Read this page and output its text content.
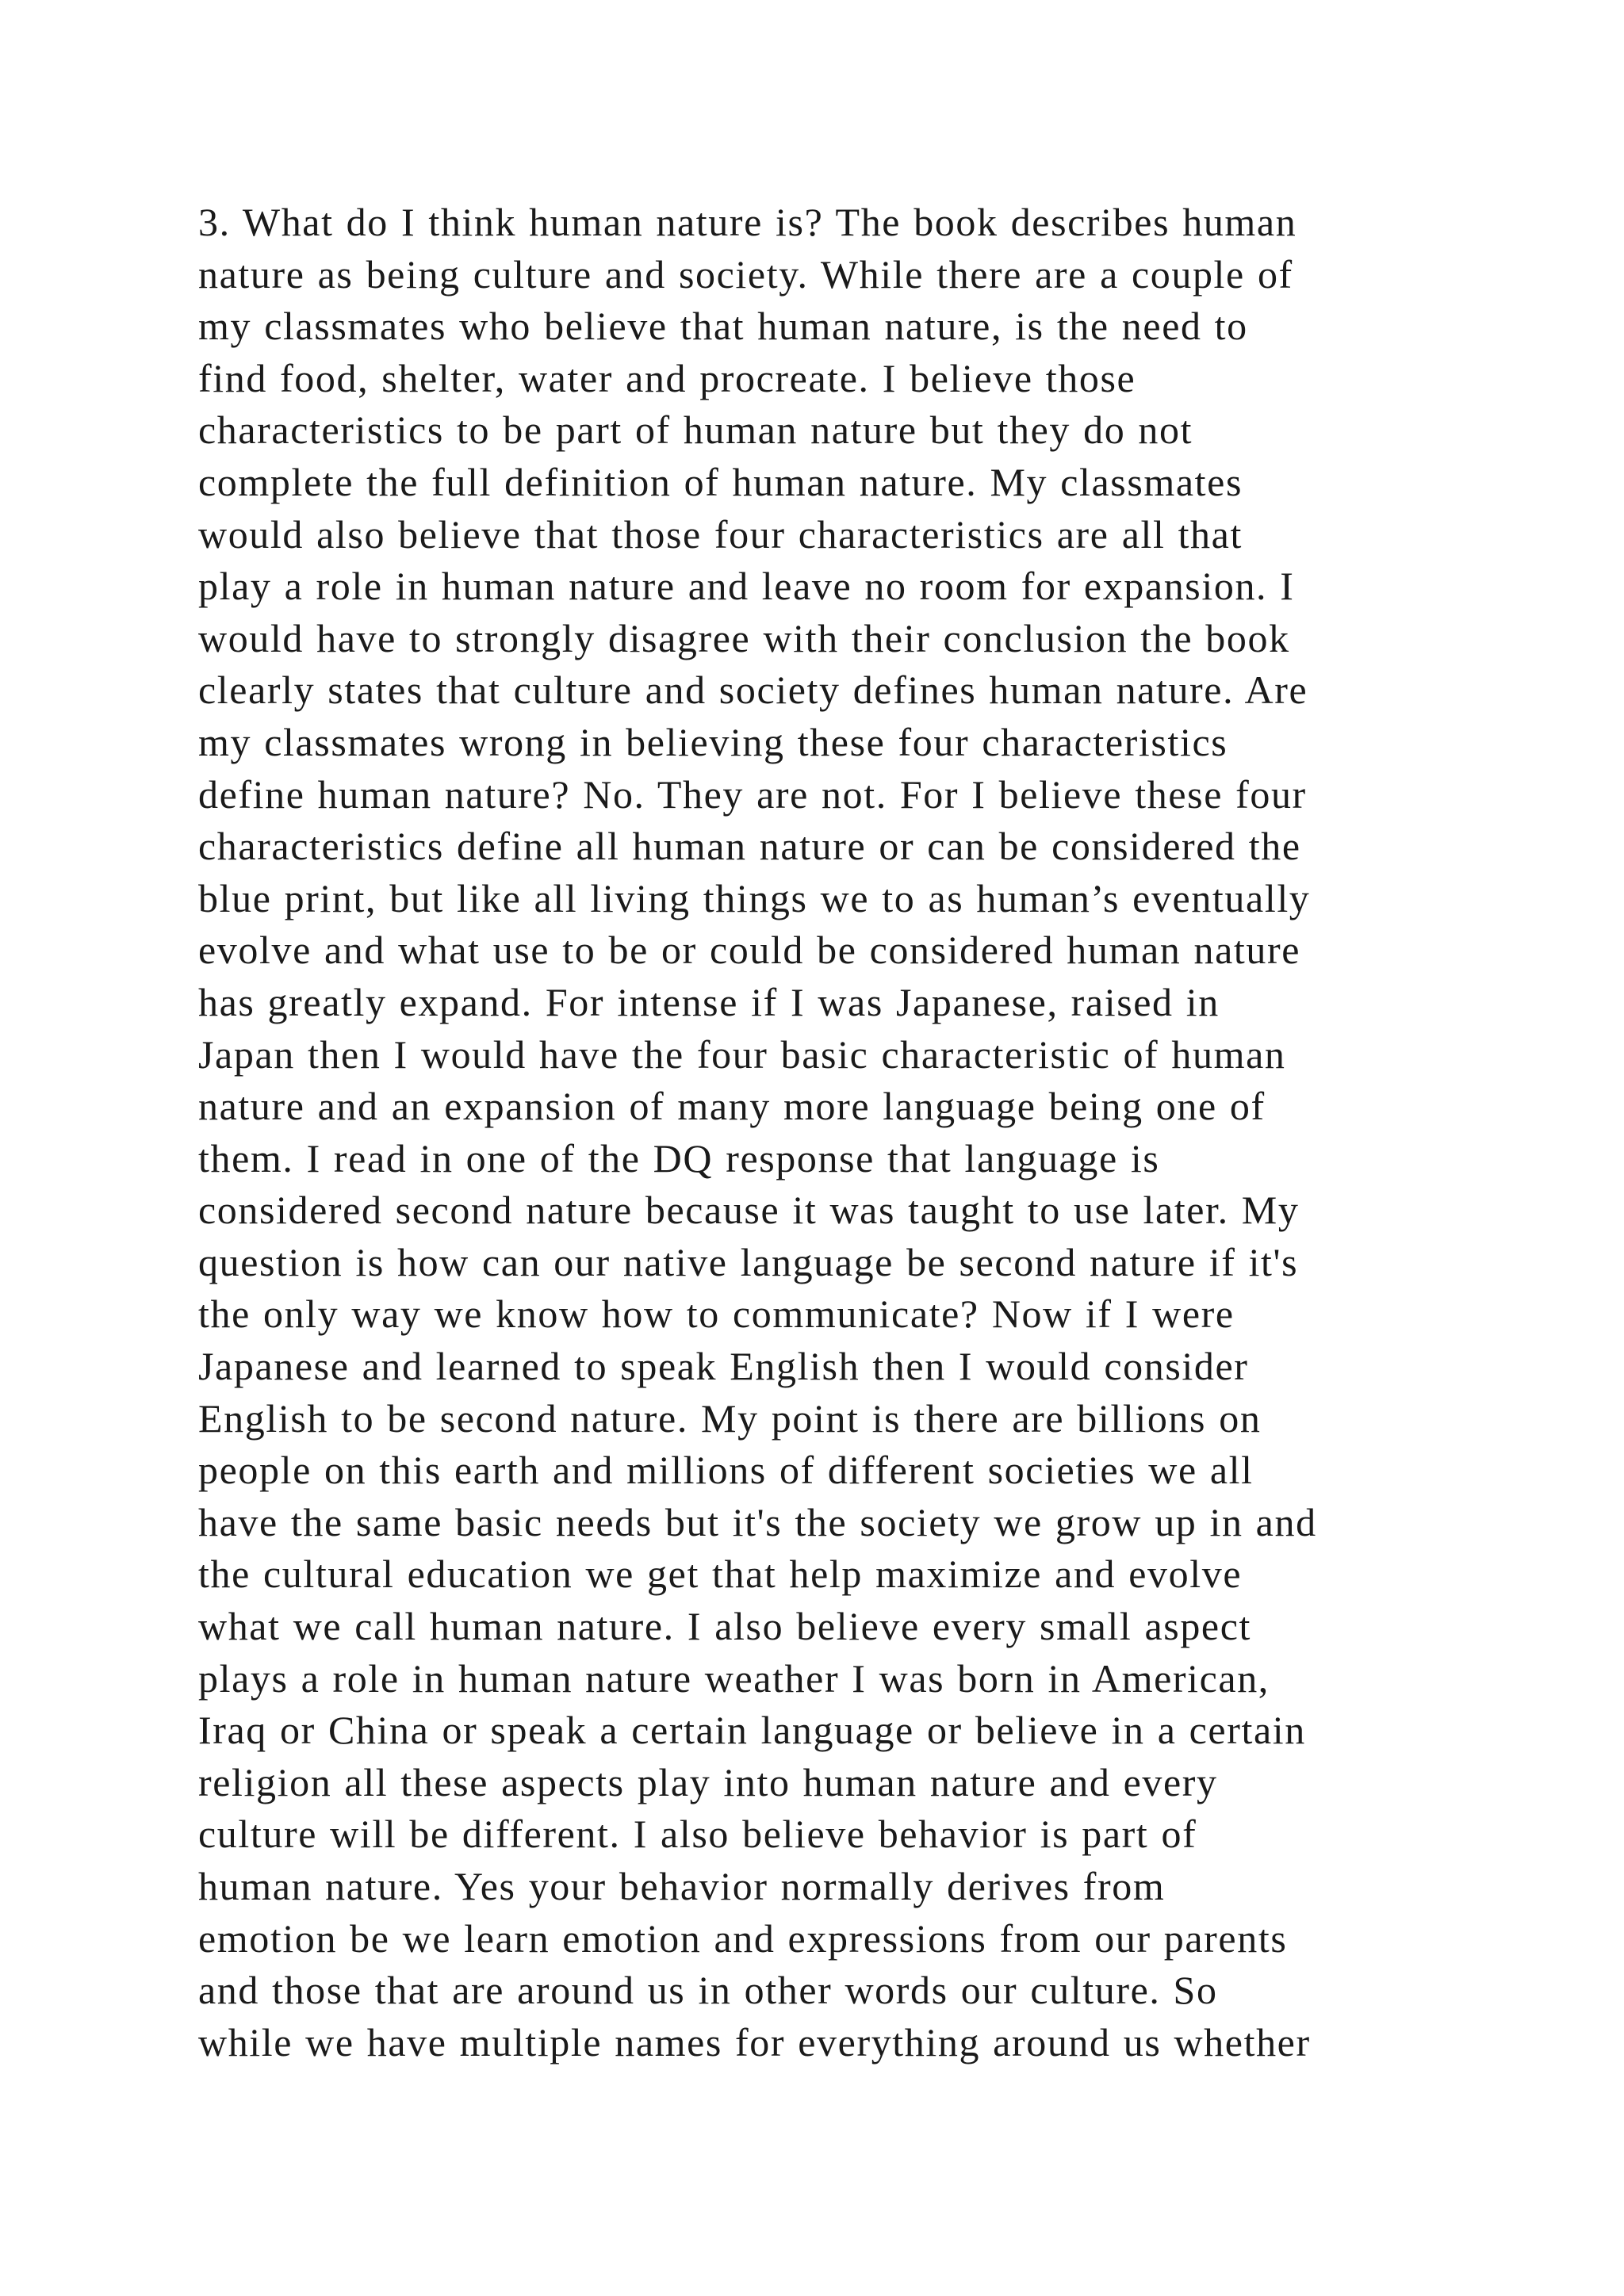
3. What do I think human nature is? The book describes human
nature as being culture and society. While there are a couple of
my classmates who believe that human nature, is the need to
find food, shelter, water and procreate. I believe those
characteristics to be part of human nature but they do not
complete the full definition of human nature. My classmates
would also believe that those four characteristics are all that
play a role in human nature and leave no room for expansion. I
would have to strongly disagree with their conclusion the book
clearly states that culture and society defines human nature. Are
my classmates wrong in believing these four characteristics
define human nature? No. They are not. For I believe these four
characteristics define all human nature or can be considered the
blue print, but like all living things we to as human’s eventually
evolve and what use to be or could be considered human nature
has greatly expand. For intense if I was Japanese, raised in
Japan then I would have the four basic characteristic of human
nature and an expansion of many more language being one of
them. I read in one of the DQ response that language is
considered second nature because it was taught to use later. My
question is how can our native language be second nature if it's
the only way we know how to communicate? Now if I were
Japanese and learned to speak English then I would consider
English to be second nature. My point is there are billions on
people on this earth and millions of different societies we all
have the same basic needs but it's the society we grow up in and
the cultural education we get that help maximize and evolve
what we call human nature. I also believe every small aspect
plays a role in human nature weather I was born in American,
Iraq or China or speak a certain language or believe in a certain
religion all these aspects play into human nature and every
culture will be different. I also believe behavior is part of
human nature. Yes your behavior normally derives from
emotion be we learn emotion and expressions from our parents
and those that are around us in other words our culture. So
while we have multiple names for everything around us whether
